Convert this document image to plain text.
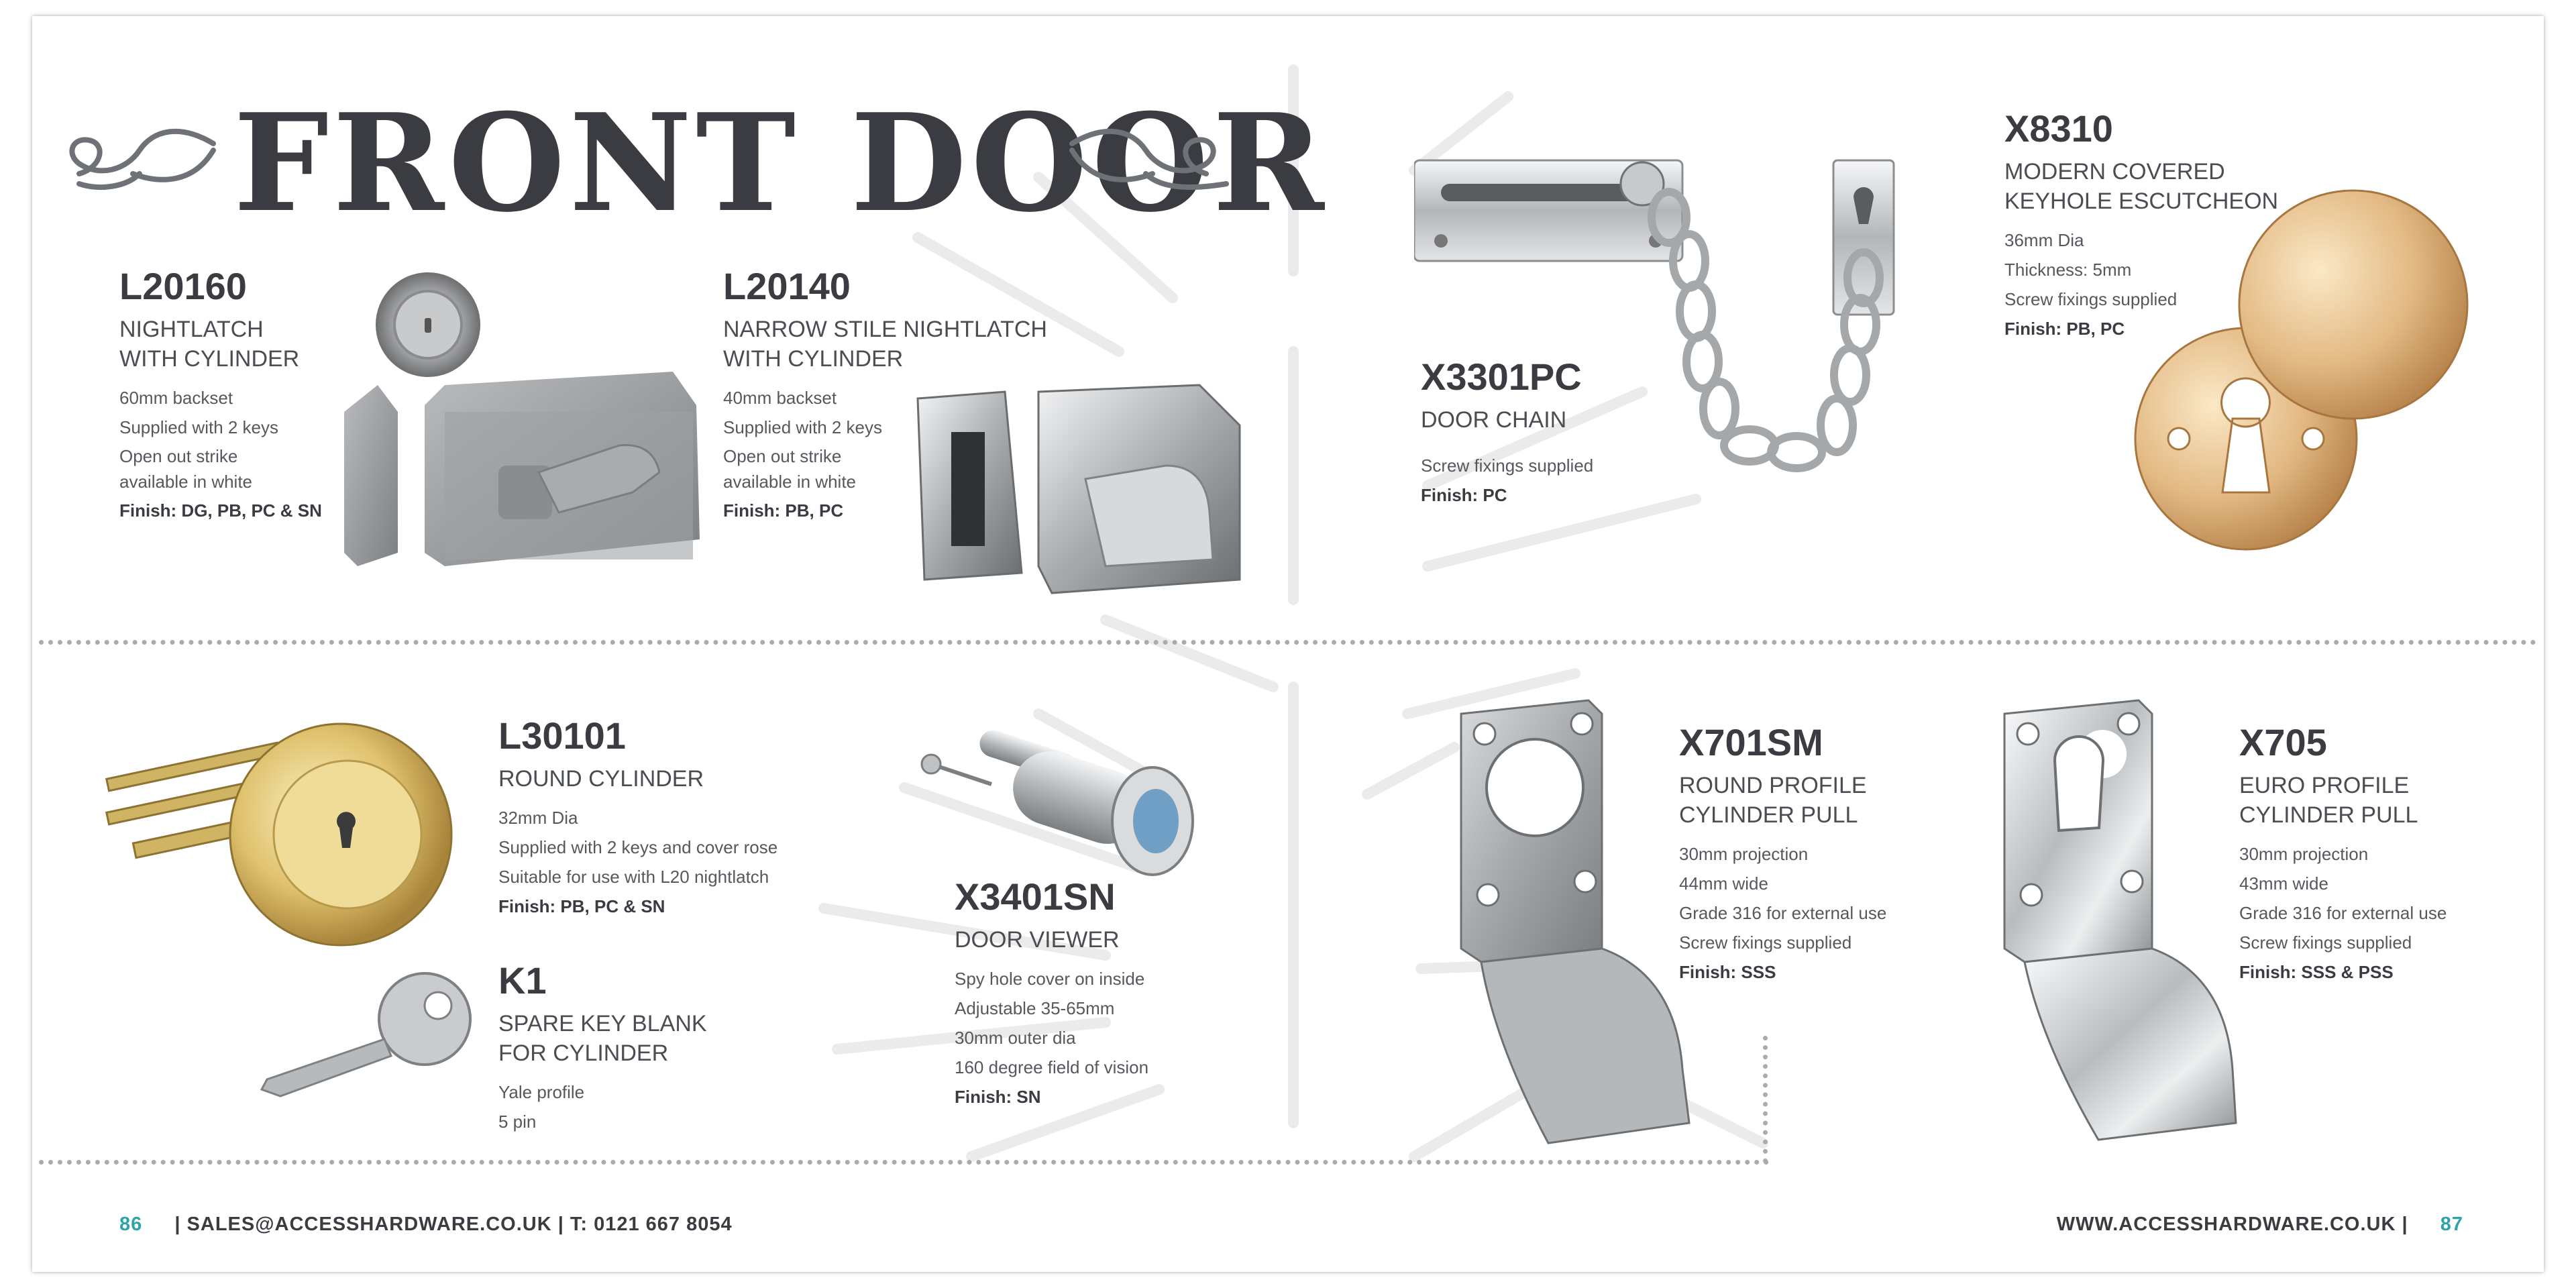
FRONT DOOR
L20160
NIGHTLATCH
WITH CYLINDER
60mm backset
Supplied with 2 keys
Open out strike
available in white
Finish: DG, PB, PC & SN
L20140
NARROW STILE NIGHTLATCH
WITH CYLINDER
40mm backset
Supplied with 2 keys
Open out strike
available in white
Finish: PB, PC
X3301PC
DOOR CHAIN
Screw fixings supplied
Finish: PC
X8310
MODERN COVERED
KEYHOLE ESCUTCHEON
36mm Dia
Thickness: 5mm
Screw fixings supplied
Finish: PB, PC
L30101
ROUND CYLINDER
32mm Dia
Supplied with 2 keys and cover rose
Suitable for use with L20 nightlatch
Finish: PB, PC & SN
K1
SPARE KEY BLANK
FOR CYLINDER
Yale profile
5 pin
X3401SN
DOOR VIEWER
Spy hole cover on inside
Adjustable 35-65mm
30mm outer dia
160 degree field of vision
Finish: SN
X701SM
ROUND PROFILE
CYLINDER PULL
30mm projection
44mm wide
Grade 316 for external use
Screw fixings supplied
Finish: SSS
X705
EURO PROFILE
CYLINDER PULL
30mm projection
43mm wide
Grade 316 for external use
Screw fixings supplied
Finish: SSS & PSS
86 | SALES@ACCESSHARDWARE.CO.UK | T: 0121 667 8054	WWW.ACCESSHARDWARE.CO.UK | 87
